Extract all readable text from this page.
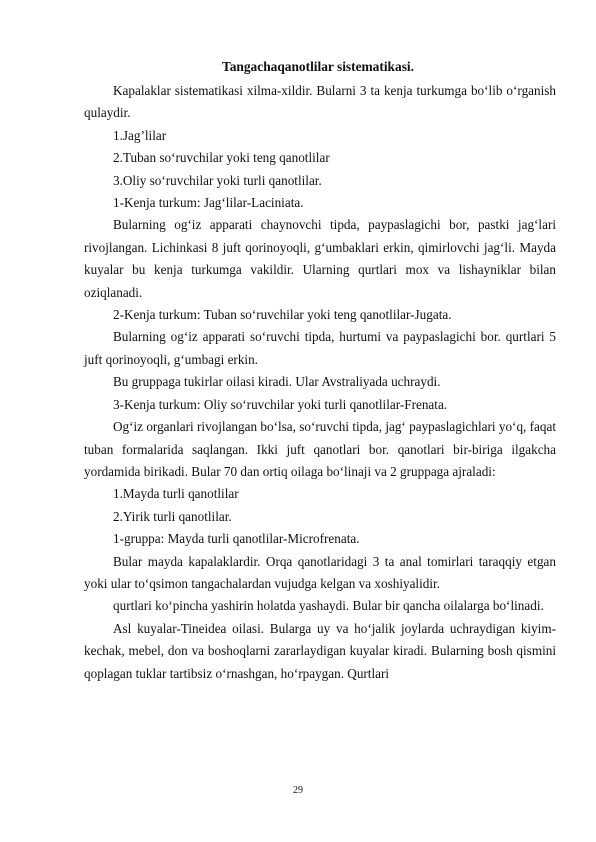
Tangachaqanotlilar sistematikasi.

Kapalaklar sistematikasi xilma-xildir. Bularni 3 ta kenja turkumga bo‘lib o‘rganish qulaydir.

1.Jag’lilar

2.Tuban so‘ruvchilar yoki teng qanotlilar

3.Oliy so‘ruvchilar yoki turli qanotlilar.

1-Kenja turkum: Jag‘lilar-Laciniata.

Bularning og‘iz apparati chaynovchi tipda, paypaslagichi bor, pastki jag‘lari rivojlangan. Lichinkasi 8 juft qorinoyoqli, g‘umbaklari erkin, qimirlovchi jag‘li. Mayda kuyalar bu kenja turkumga vakildir. Ularning qurtlari mox va lishayniklar bilan oziqlanadi.

2-Kenja turkum: Tuban so‘ruvchilar yoki teng qanotlilar-Jugata.

Bularning og‘iz apparati so‘ruvchi tipda, hurtumi va paypaslagichi bor. qurtlari 5 juft qorinoyoqli, g‘umbagi erkin.

Bu gruppaga tukirlar oilasi kiradi. Ular Avstraliyada uchraydi.

3-Kenja turkum: Oliy so‘ruvchilar yoki turli qanotlilar-Frenata.

Og‘iz organlari rivojlangan bo‘lsa, so‘ruvchi tipda, jag‘ paypaslagichlari yo‘q, faqat tuban formalarida saqlangan. Ikki juft qanotlari bor. qanotlari bir-biriga ilgakcha yordamida birikadi. Bular 70 dan ortiq oilaga bo‘linaji va 2 gruppaga ajraladi:

1.Mayda turli qanotlilar

2.Yirik turli qanotlilar.

1-gruppa: Mayda turli qanotlilar-Microfrenata.

Bular mayda kapalaklardir. Orqa qanotlaridagi 3 ta anal tomirlari taraqqiy etgan yoki ular to‘qsimon tangachalardan vujudga kelgan va xoshiyalidir.

qurtlari ko‘pincha yashirin holatda yashaydi. Bular bir qancha oilalarga bo‘linadi.

Asl kuyalar-Tineidea oilasi. Bularga uy va ho‘jalik joylarda uchraydigan kiyim-kechak, mebel, don va boshoqlarni zararlaydigan kuyalar kiradi. Bularning bosh qismini qoplagan tuklar tartibsiz o‘rnashgan, ho‘rpaygan. Qurtlari

29
